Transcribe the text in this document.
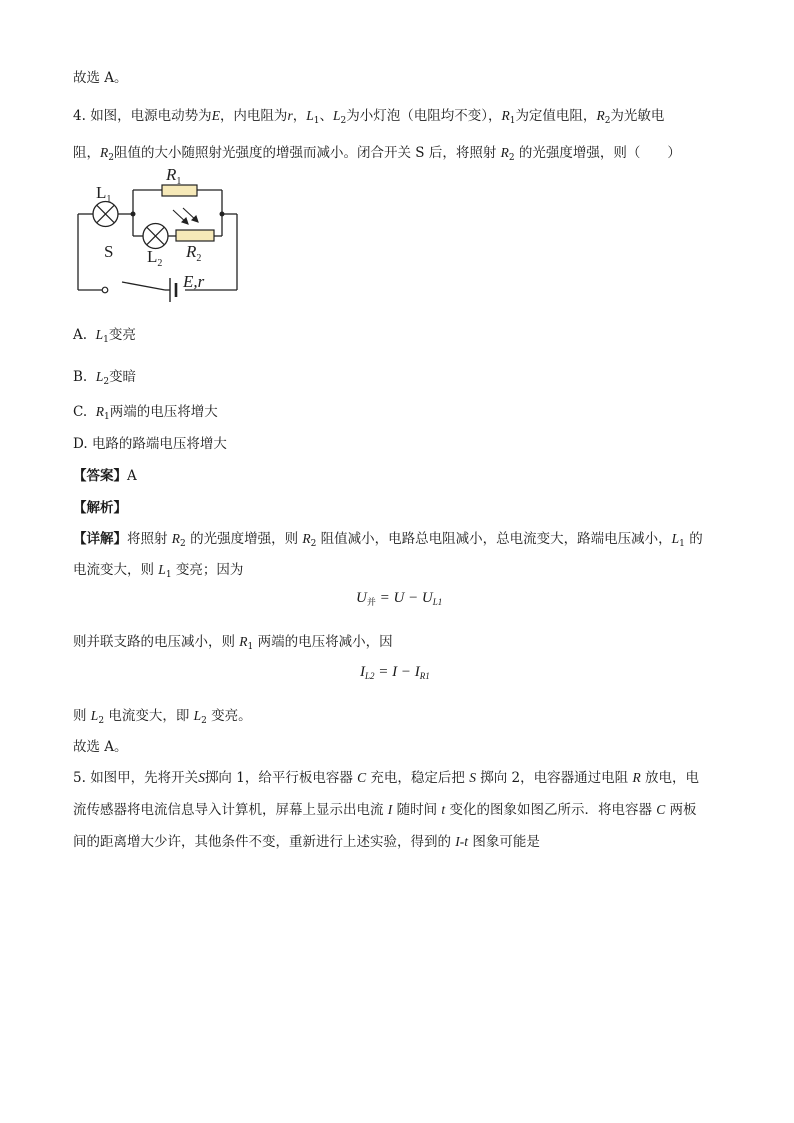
故选 A。
4. 如图，电源电动势为E，内电阻为r，$L_1$、$L_2$为小灯泡（电阻均不变），$R_1$为定值电阻，$R_2$为光敏电
阻，$R_2$阻值的大小随照射光强度的增强而减小。闭合开关 S 后，将照射 $R_2$ 的光强度增强，则（　　）
$L_1$
$R_1$
$L_2$
$R_2$
S
E,r
A. $L_1$变亮
B. $L_2$变暗
C. $R_1$两端的电压将增大
D. 电路的路端电压将增大
【答案】A
【解析】
【详解】将照射 $R_2$ 的光强度增强，则 $R_2$ 阻值减小，电路总电阻减小，总电流变大，路端电压减小，$L_1$ 的
电流变大，则 $L_1$ 变亮；因为
$U_并 = U - U_{L1}$
则并联支路的电压减小，则 $R_1$ 两端的电压将减小，因
$I_{L2} = I - I_{R1}$
则 $L_2$ 电流变大，即 $L_2$ 变亮。
故选 A。
5. 如图甲，先将开关S掷向 1，给平行板电容器 C 充电，稳定后把 S 掷向 2，电容器通过电阻 R 放电，电
流传感器将电流信息导入计算机，屏幕上显示出电流 I 随时间 t 变化的图象如图乙所示．将电容器 C 两板
间的距离增大少许，其他条件不变，重新进行上述实验，得到的 I-t 图象可能是
